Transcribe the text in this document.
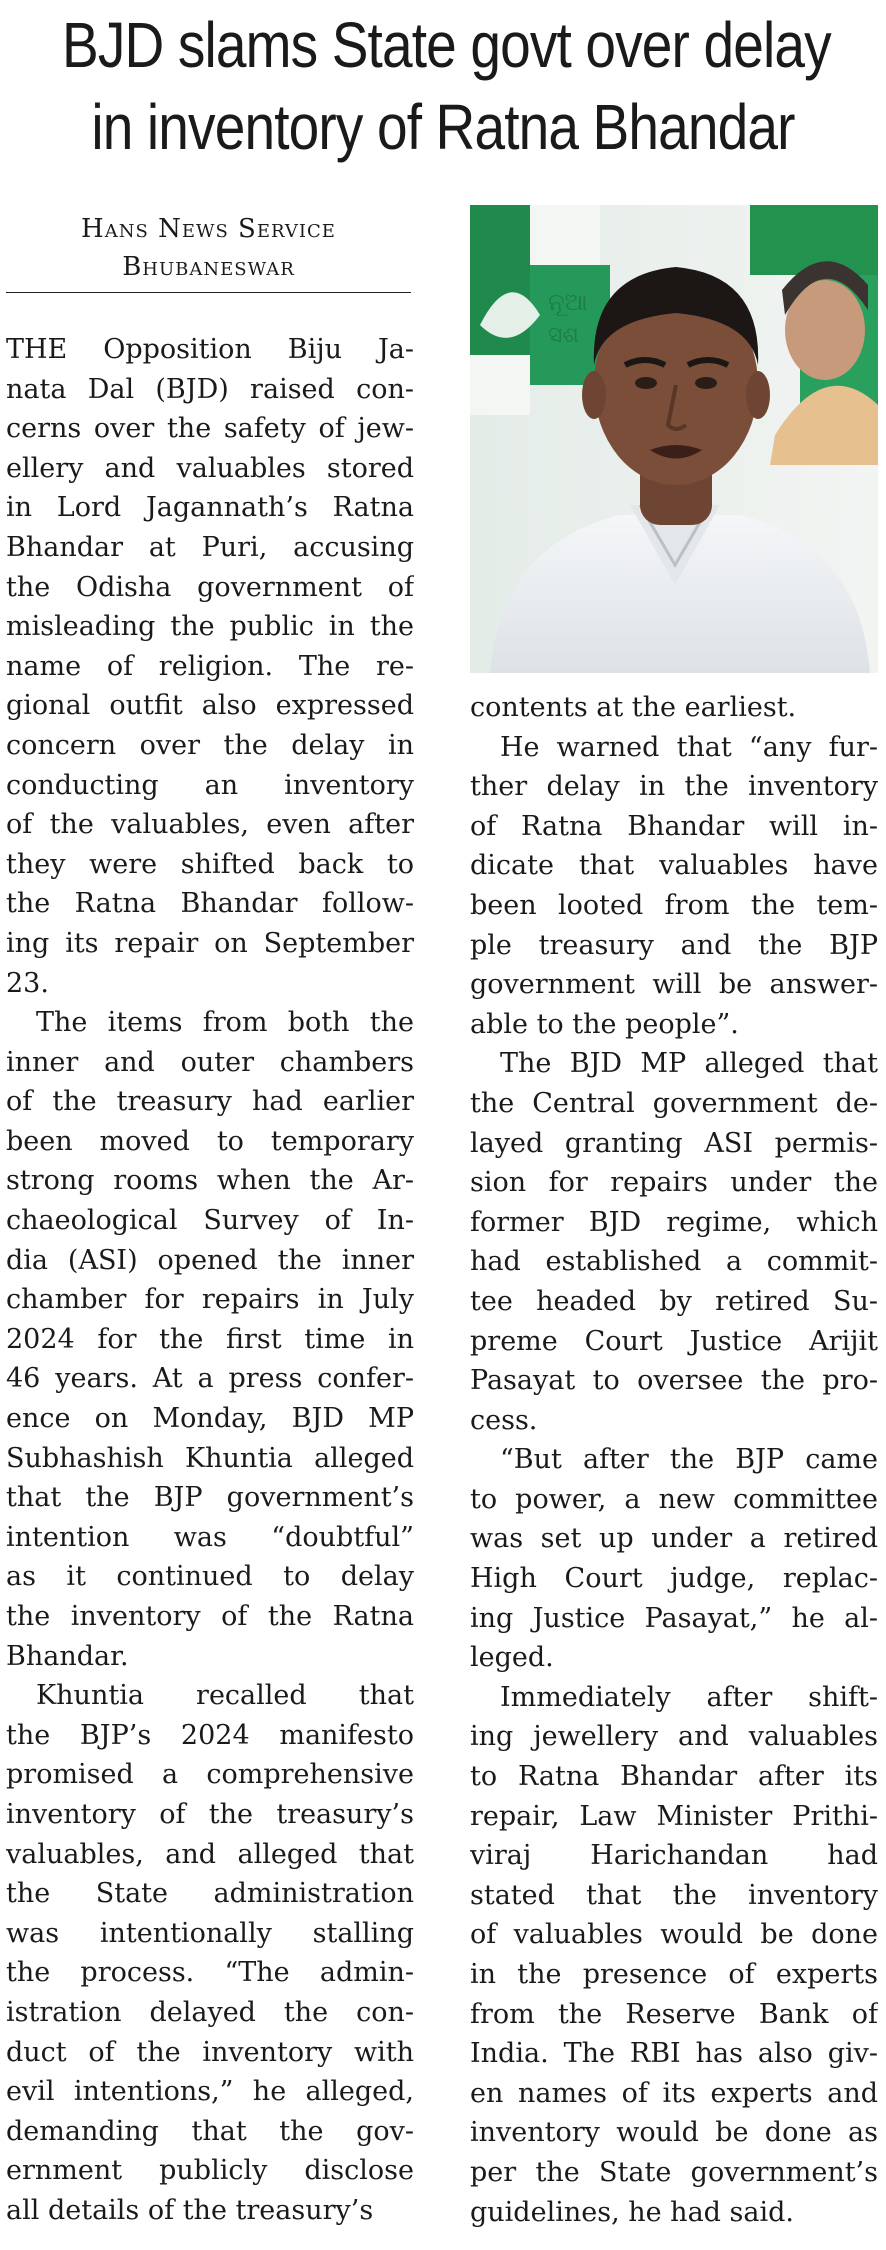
BJD slams State govt over delay
in inventory of Ratna Bhandar
Hans News Service
Bhubaneswar
ନୂଆ
ସଶ

THE Opposition Biju Ja-
nata Dal (BJD) raised con-
cerns over the safety of jew-
ellery and valuables stored
in Lord Jagannath’s Ratna
Bhandar at Puri, accusing
the Odisha government of
misleading the public in the
name of religion. The re-
gional outfit also expressed
concern over the delay in
conducting an inventory
of the valuables, even after
they were shifted back to
the Ratna Bhandar follow-
ing its repair on September
23.

The items from both the
inner and outer chambers
of the treasury had earlier
been moved to temporary
strong rooms when the Ar-
chaeological Survey of In-
dia (ASI) opened the inner
chamber for repairs in July
2024 for the first time in
46 years. At a press confer-
ence on Monday, BJD MP
Subhashish Khuntia alleged
that the BJP government’s
intention was “doubtful”
as it continued to delay
the inventory of the Ratna
Bhandar.

Khuntia recalled that
the BJP’s 2024 manifesto
promised a comprehensive
inventory of the treasury’s
valuables, and alleged that
the State administration
was intentionally stalling
the process. “The admin-
istration delayed the con-
duct of the inventory with
evil intentions,” he alleged,
demanding that the gov-
ernment publicly disclose
all details of the treasury’s

contents at the earliest.

He warned that “any fur-
ther delay in the inventory
of Ratna Bhandar will in-
dicate that valuables have
been looted from the tem-
ple treasury and the BJP
government will be answer-
able to the people”.

The BJD MP alleged that
the Central government de-
layed granting ASI permis-
sion for repairs under the
former BJD regime, which
had established a commit-
tee headed by retired Su-
preme Court Justice Arijit
Pasayat to oversee the pro-
cess.

“But after the BJP came
to power, a new committee
was set up under a retired
High Court judge, replac-
ing Justice Pasayat,” he al-
leged.

Immediately after shift-
ing jewellery and valuables
to Ratna Bhandar after its
repair, Law Minister Prithi-
viraj Harichandan had
stated that the inventory
of valuables would be done
in the presence of experts
from the Reserve Bank of
India. The RBI has also giv-
en names of its experts and
inventory would be done as
per the State government’s
guidelines, he had said.
